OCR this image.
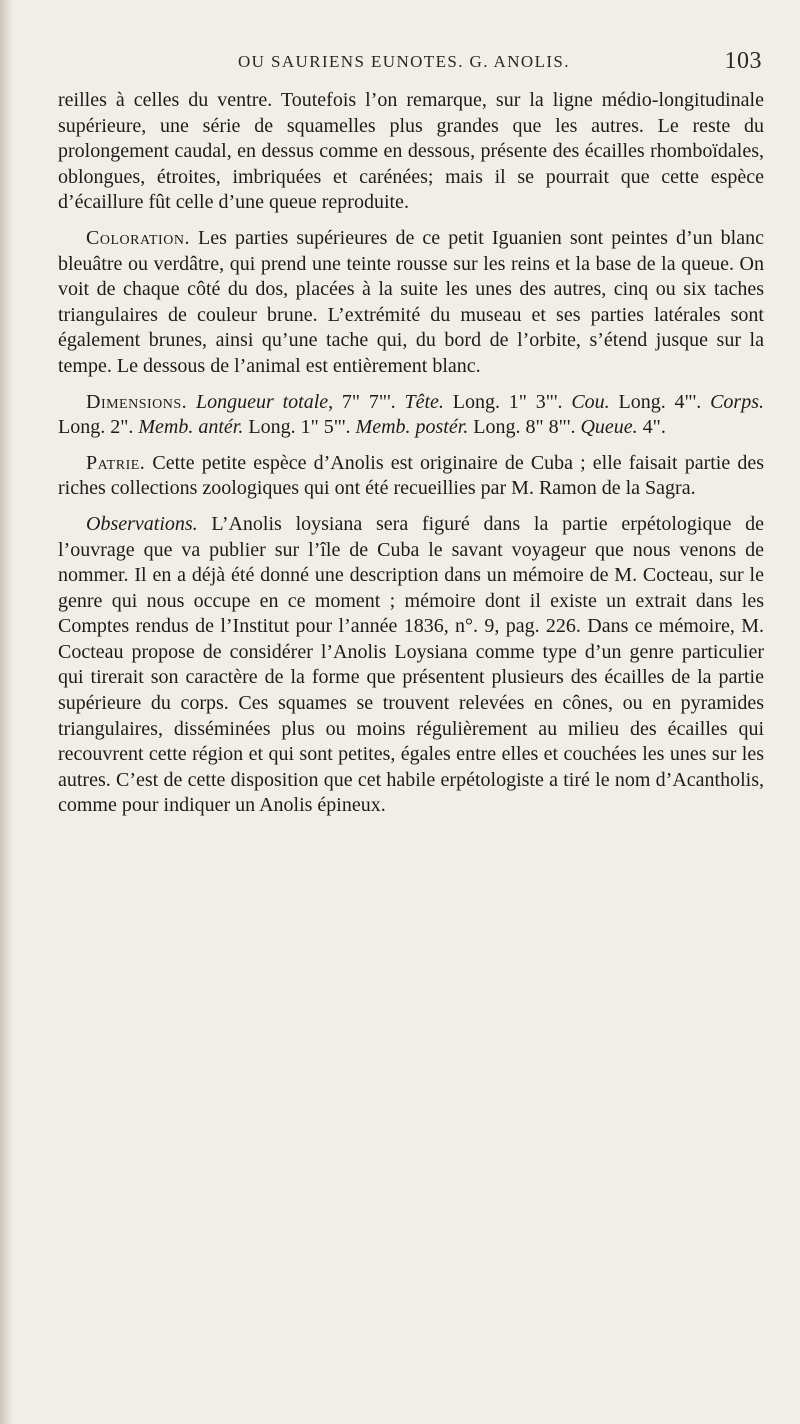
OU SAURIENS EUNOTES. G. ANOLIS.	103

reilles à celles du ventre. Toutefois l’on remarque, sur la ligne médio-longitudinale supérieure, une série de squamelles plus grandes que les autres. Le reste du prolongement caudal, en dessus comme en dessous, présente des écailles rhomboïdales, oblongues, étroites, imbriquées et carénées; mais il se pourrait que cette espèce d’écaillure fût celle d’une queue reproduite.

Coloration. Les parties supérieures de ce petit Iguanien sont peintes d’un blanc bleuâtre ou verdâtre, qui prend une teinte rousse sur les reins et la base de la queue. On voit de chaque côté du dos, placées à la suite les unes des autres, cinq ou six taches triangulaires de couleur brune. L’extrémité du museau et ses parties latérales sont également brunes, ainsi qu’une tache qui, du bord de l’orbite, s’étend jusque sur la tempe. Le dessous de l’animal est entièrement blanc.

Dimensions. Longueur totale, 7" 7"'. Tête. Long. 1" 3"'. Cou. Long. 4"'. Corps. Long. 2". Memb. antér. Long. 1" 5"'. Memb. postér. Long. 8" 8"'. Queue. 4".

Patrie. Cette petite espèce d’Anolis est originaire de Cuba ; elle faisait partie des riches collections zoologiques qui ont été recueillies par M. Ramon de la Sagra.

Observations. L’Anolis loysiana sera figuré dans la partie erpétologique de l’ouvrage que va publier sur l’île de Cuba le savant voyageur que nous venons de nommer. Il en a déjà été donné une description dans un mémoire de M. Cocteau, sur le genre qui nous occupe en ce moment ; mémoire dont il existe un extrait dans les Comptes rendus de l’Institut pour l’année 1836, n°. 9, pag. 226. Dans ce mémoire, M. Cocteau propose de considérer l’Anolis Loysiana comme type d’un genre particulier qui tirerait son caractère de la forme que présentent plusieurs des écailles de la partie supérieure du corps. Ces squames se trouvent relevées en cônes, ou en pyramides triangulaires, disséminées plus ou moins régulièrement au milieu des écailles qui recouvrent cette région et qui sont petites, égales entre elles et couchées les unes sur les autres. C’est de cette disposition que cet habile erpétologiste a tiré le nom d’Acantholis, comme pour indiquer un Anolis épineux.
